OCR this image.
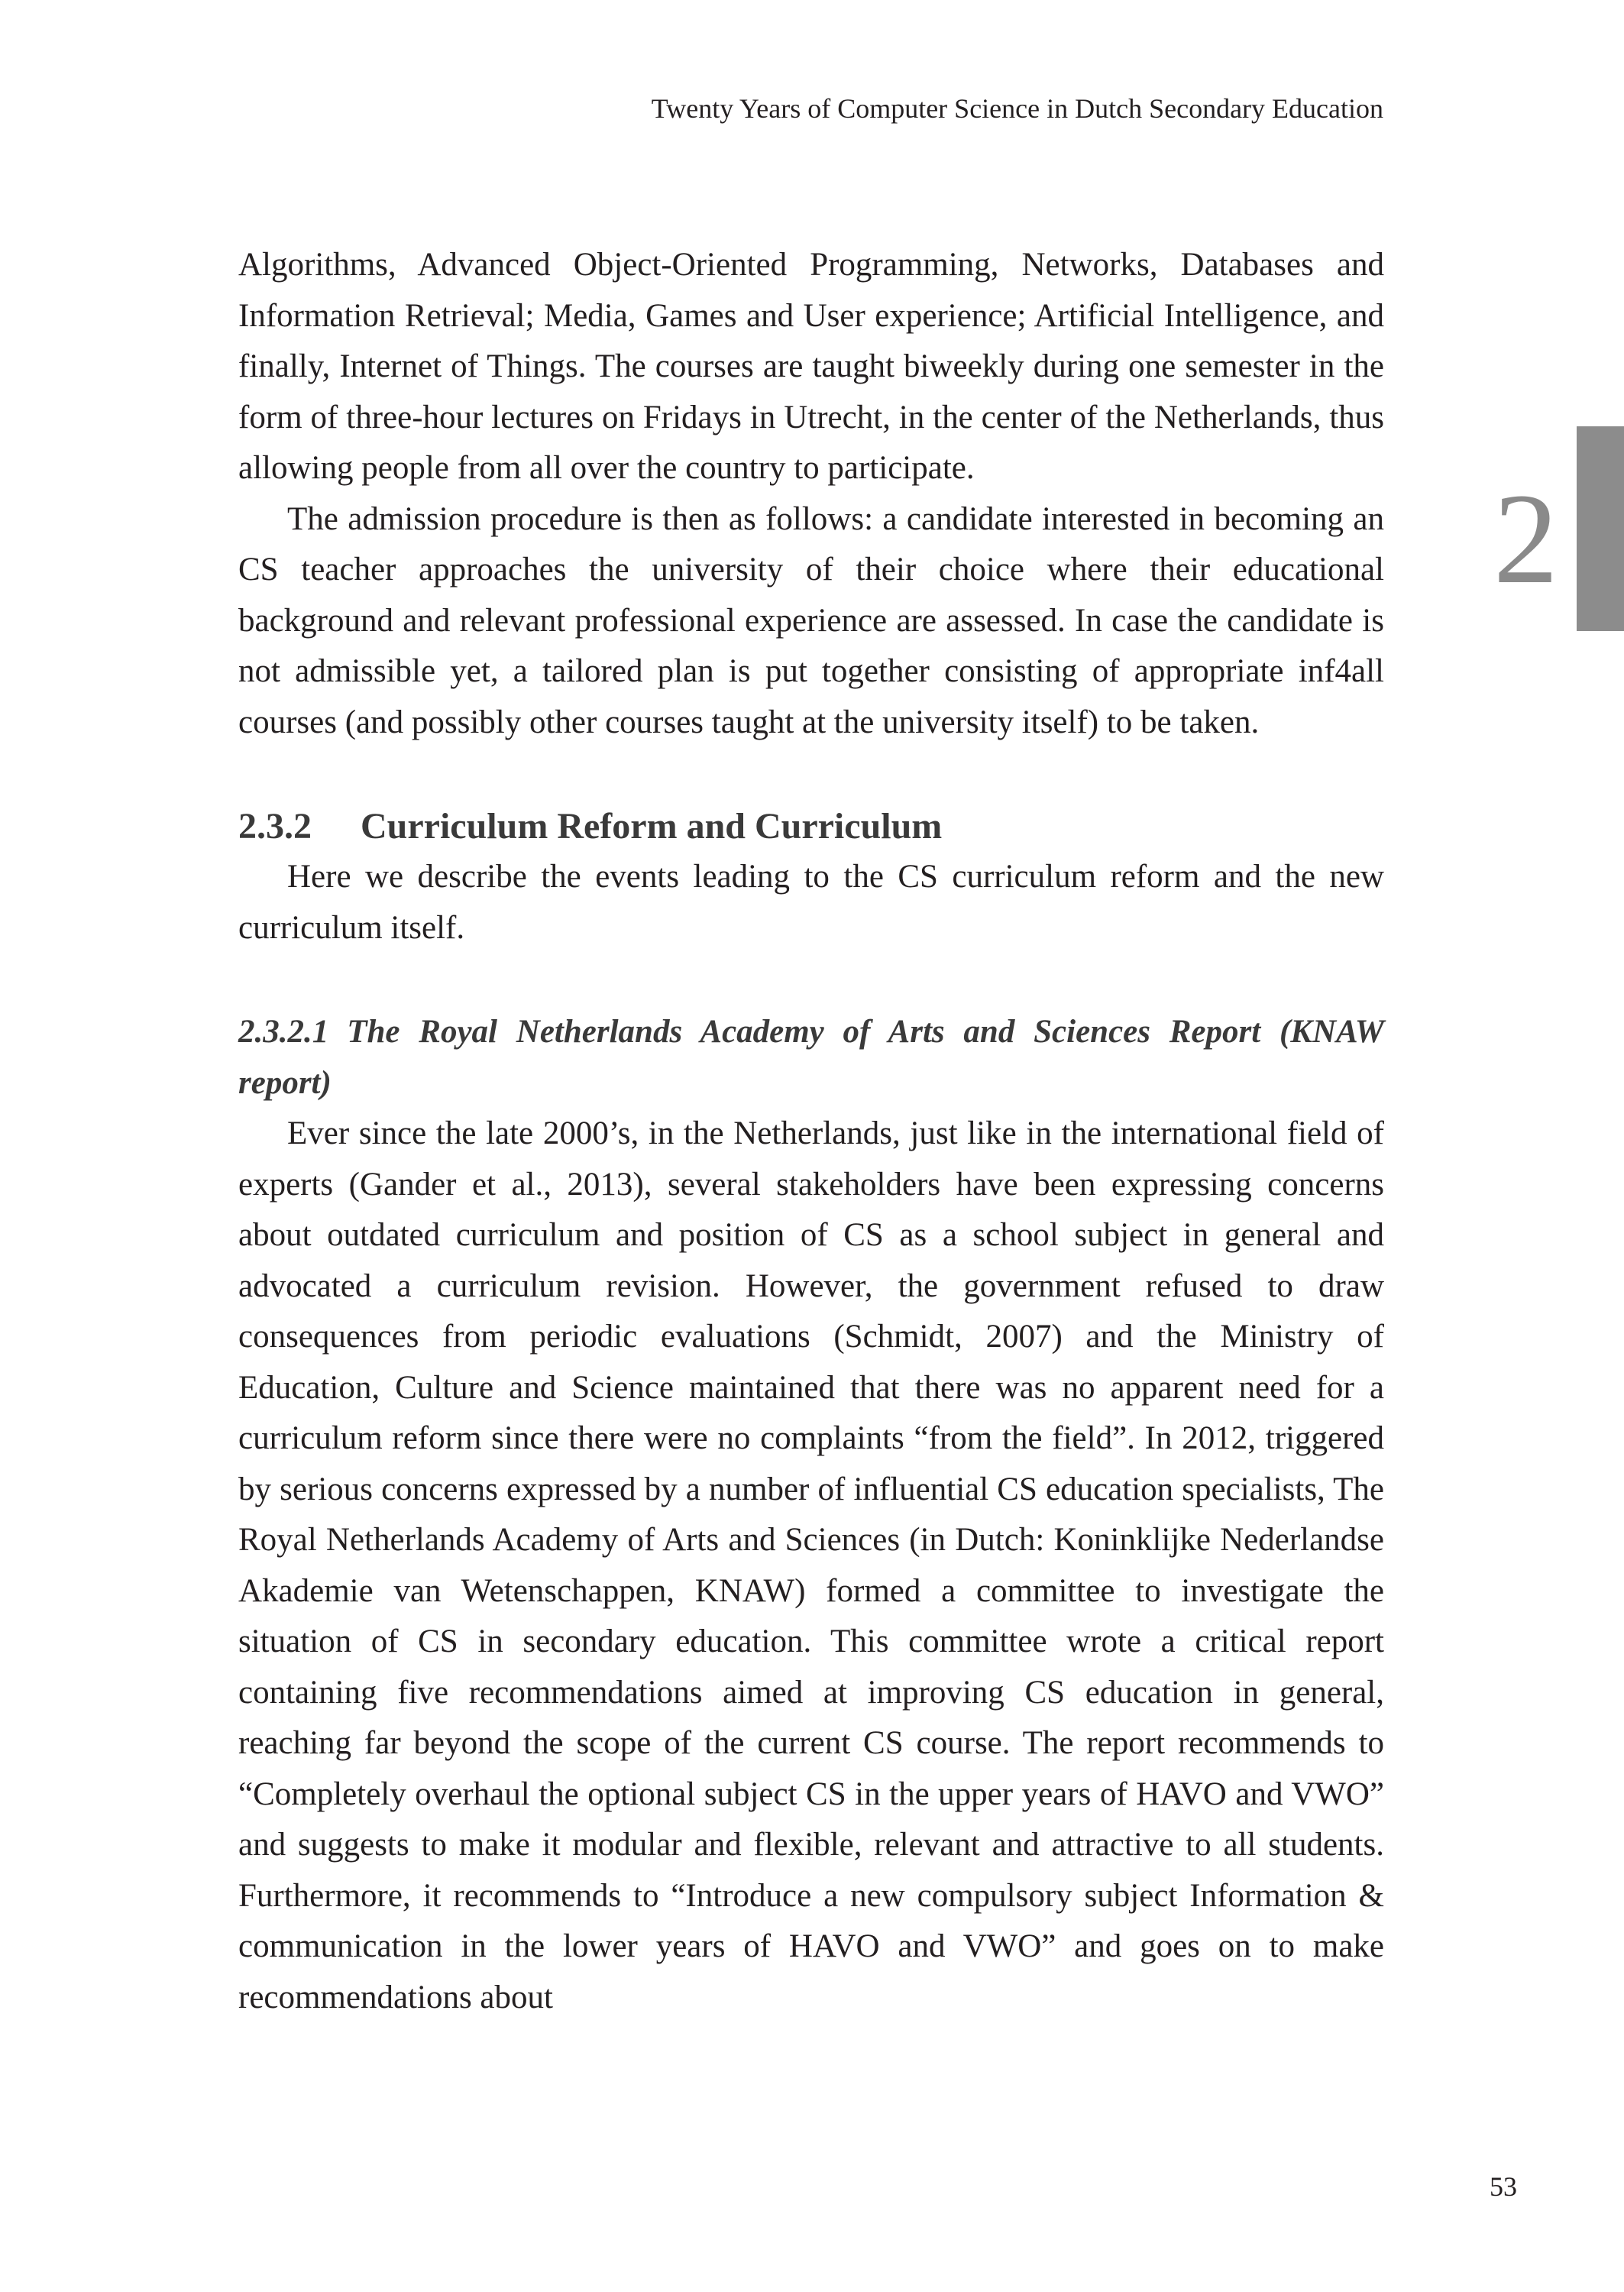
Twenty Years of Computer Science in Dutch Secondary Education
2

Algorithms, Advanced Object-Oriented Programming, Networks, Databases and Information Retrieval; Media, Games and User experience; Artificial Intelligence, and finally, Internet of Things. The courses are taught biweekly during one semester in the form of three-hour lectures on Fridays in Utrecht, in the center of the Netherlands, thus allowing people from all over the country to participate.

The admission procedure is then as follows: a candidate interested in becoming an CS teacher approaches the university of their choice where their educational background and relevant professional experience are assessed. In case the candidate is not admissible yet, a tailored plan is put together consisting of appropriate inf4all courses (and possibly other courses taught at the university itself) to be taken.

2.3.2 Curriculum Reform and Curriculum

Here we describe the events leading to the CS curriculum reform and the new curriculum itself.

2.3.2.1 The Royal Netherlands Academy of Arts and Sciences Report (KNAW report)

Ever since the late 2000’s, in the Netherlands, just like in the international field of experts (Gander et al., 2013), several stakeholders have been expressing concerns about outdated curriculum and position of CS as a school subject in general and advocated a curriculum revision. However, the government refused to draw consequences from periodic evaluations (Schmidt, 2007) and the Ministry of Education, Culture and Science maintained that there was no apparent need for a curriculum reform since there were no complaints “from the field”. In 2012, triggered by serious concerns expressed by a number of influential CS education specialists, The Royal Netherlands Academy of Arts and Sciences (in Dutch: Koninklijke Nederlandse Akademie van Wetenschappen, KNAW) formed a committee to investigate the situation of CS in secondary education. This committee wrote a critical report containing five recommendations aimed at improving CS education in general, reaching far beyond the scope of the current CS course. The report recommends to “Completely overhaul the optional subject CS in the upper years of HAVO and VWO” and suggests to make it modular and flexible, relevant and attractive to all students. Furthermore, it recommends to “Introduce a new compulsory subject Information & communication in the lower years of HAVO and VWO” and goes on to make recommendations about

53
